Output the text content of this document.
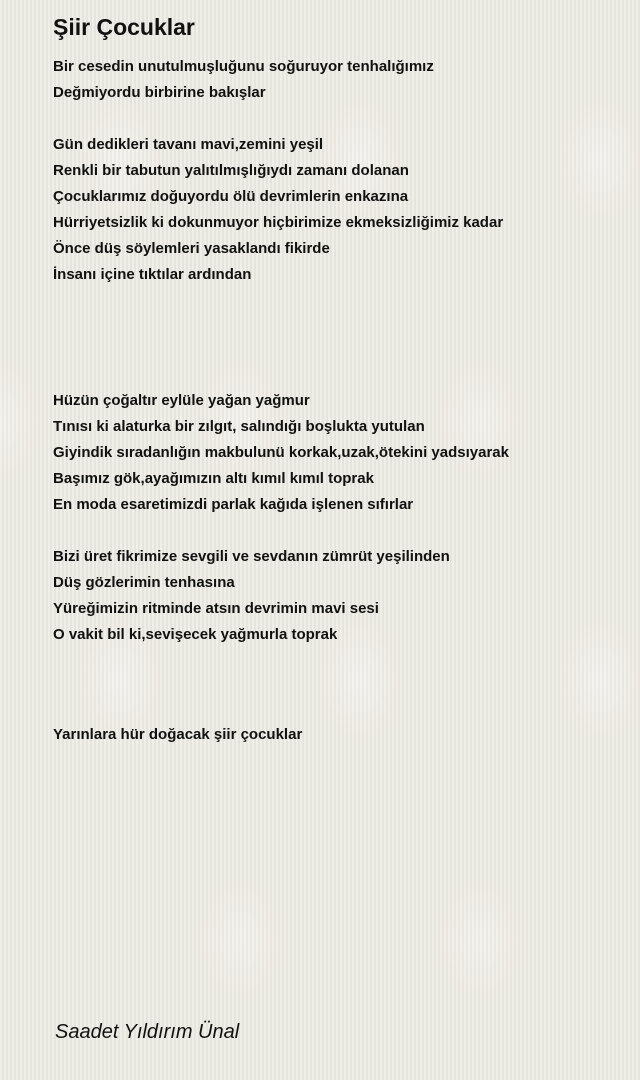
Şiir Çocuklar
Bir cesedin unutulmuşluğunu soğuruyor tenhalığımız
Değmiyordu birbirine bakışlar
Gün dedikleri tavanı mavi,zemini yeşil
Renkli bir tabutun yalıtılmışlığıydı zamanı dolanan
Çocuklarımız doğuyordu ölü devrimlerin enkazına
Hürriyetsizlik ki dokunmuyor hiçbirimize ekmeksizliğimiz kadar
Önce düş söylemleri yasaklandı fikirde
İnsanı içine tıktılar ardından
Hüzün çoğaltır eylüle yağan yağmur
Tınısı ki alaturka bir zılgıt, salındığı boşlukta yutulan
Giyindik sıradanlığın makbulunü korkak,uzak,ötekini yadsıyarak
Başımız gök,ayağımızın altı kımıl kımıl toprak
En moda esaretimizdi parlak kağıda işlenen sıfırlar
Bizi üret fikrimize sevgili ve sevdanın zümrüt yeşilinden
Düş gözlerimin tenhasına
Yüreğimizin ritminde atsın devrimin mavi sesi
O vakit bil ki,sevişecek yağmurla toprak
Yarınlara hür doğacak şiir çocuklar
Saadet Yıldırım Ünal
